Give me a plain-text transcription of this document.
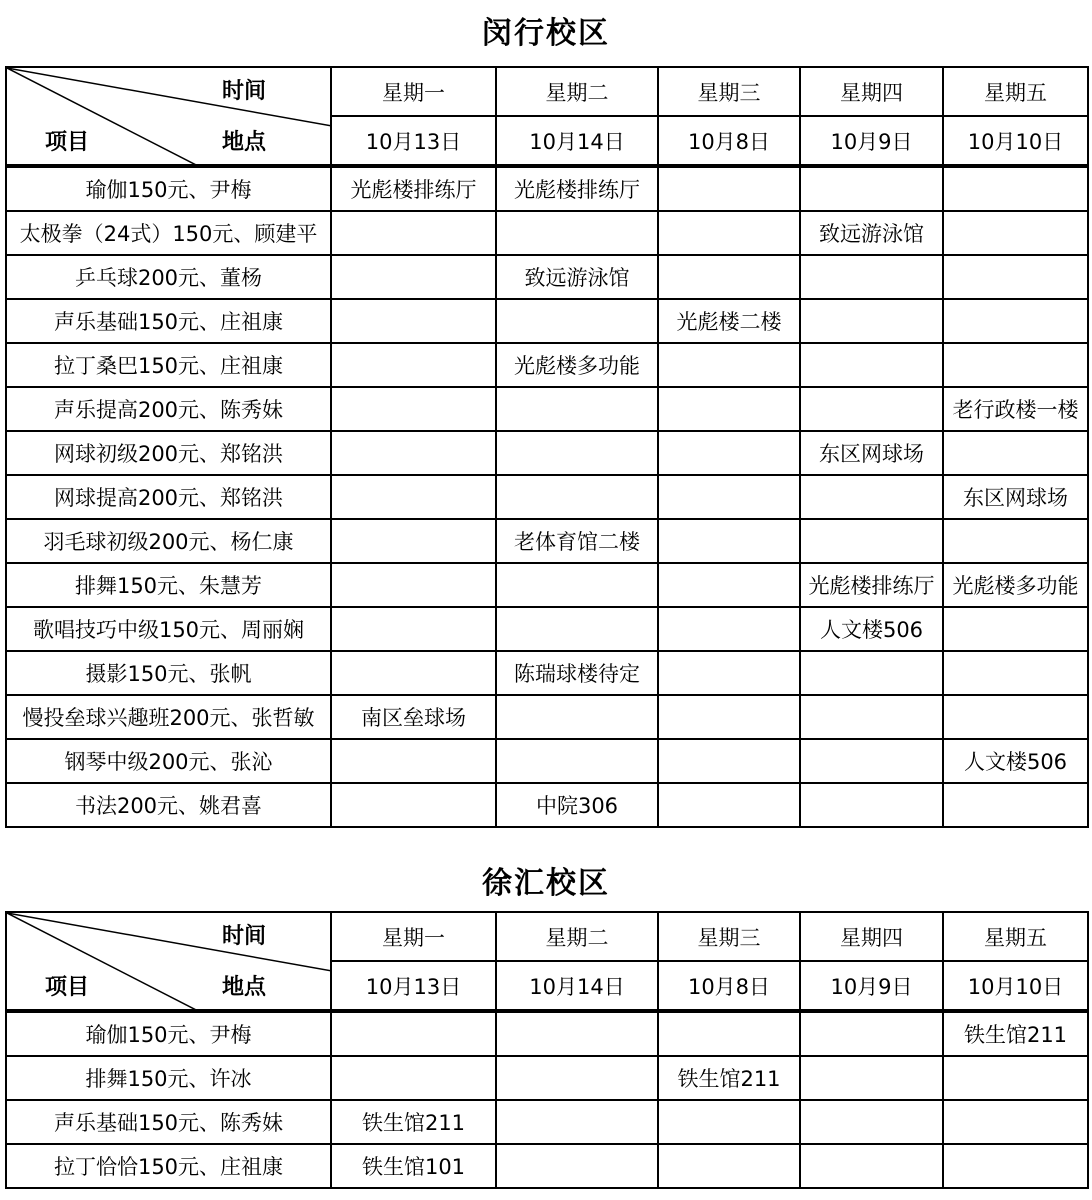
闵行校区
时间
地点
项目	星期一	星期二	星期三	星期四	星期五
	10月13日	10月14日	10月8日	10月9日	10月10日
瑜伽150元、尹梅	光彪楼排练厅	光彪楼排练厅			
太极拳（24式）150元、顾建平				致远游泳馆	
乒乓球200元、董杨		致远游泳馆			
声乐基础150元、庄祖康			光彪楼二楼		
拉丁桑巴150元、庄祖康		光彪楼多功能			
声乐提高200元、陈秀妹					老行政楼一楼
网球初级200元、郑铭洪				东区网球场	
网球提高200元、郑铭洪					东区网球场
羽毛球初级200元、杨仁康		老体育馆二楼			
排舞150元、朱慧芳				光彪楼排练厅	光彪楼多功能
歌唱技巧中级150元、周丽娴				人文楼506	
摄影150元、张帆		陈瑞球楼待定			
慢投垒球兴趣班200元、张哲敏	南区垒球场				
钢琴中级200元、张沁					人文楼506
书法200元、姚君喜		中院306			
徐汇校区
时间
地点
项目	星期一	星期二	星期三	星期四	星期五
	10月13日	10月14日	10月8日	10月9日	10月10日
瑜伽150元、尹梅					铁生馆211
排舞150元、许冰			铁生馆211		
声乐基础150元、陈秀妹	铁生馆211				
拉丁恰恰150元、庄祖康	铁生馆101				
